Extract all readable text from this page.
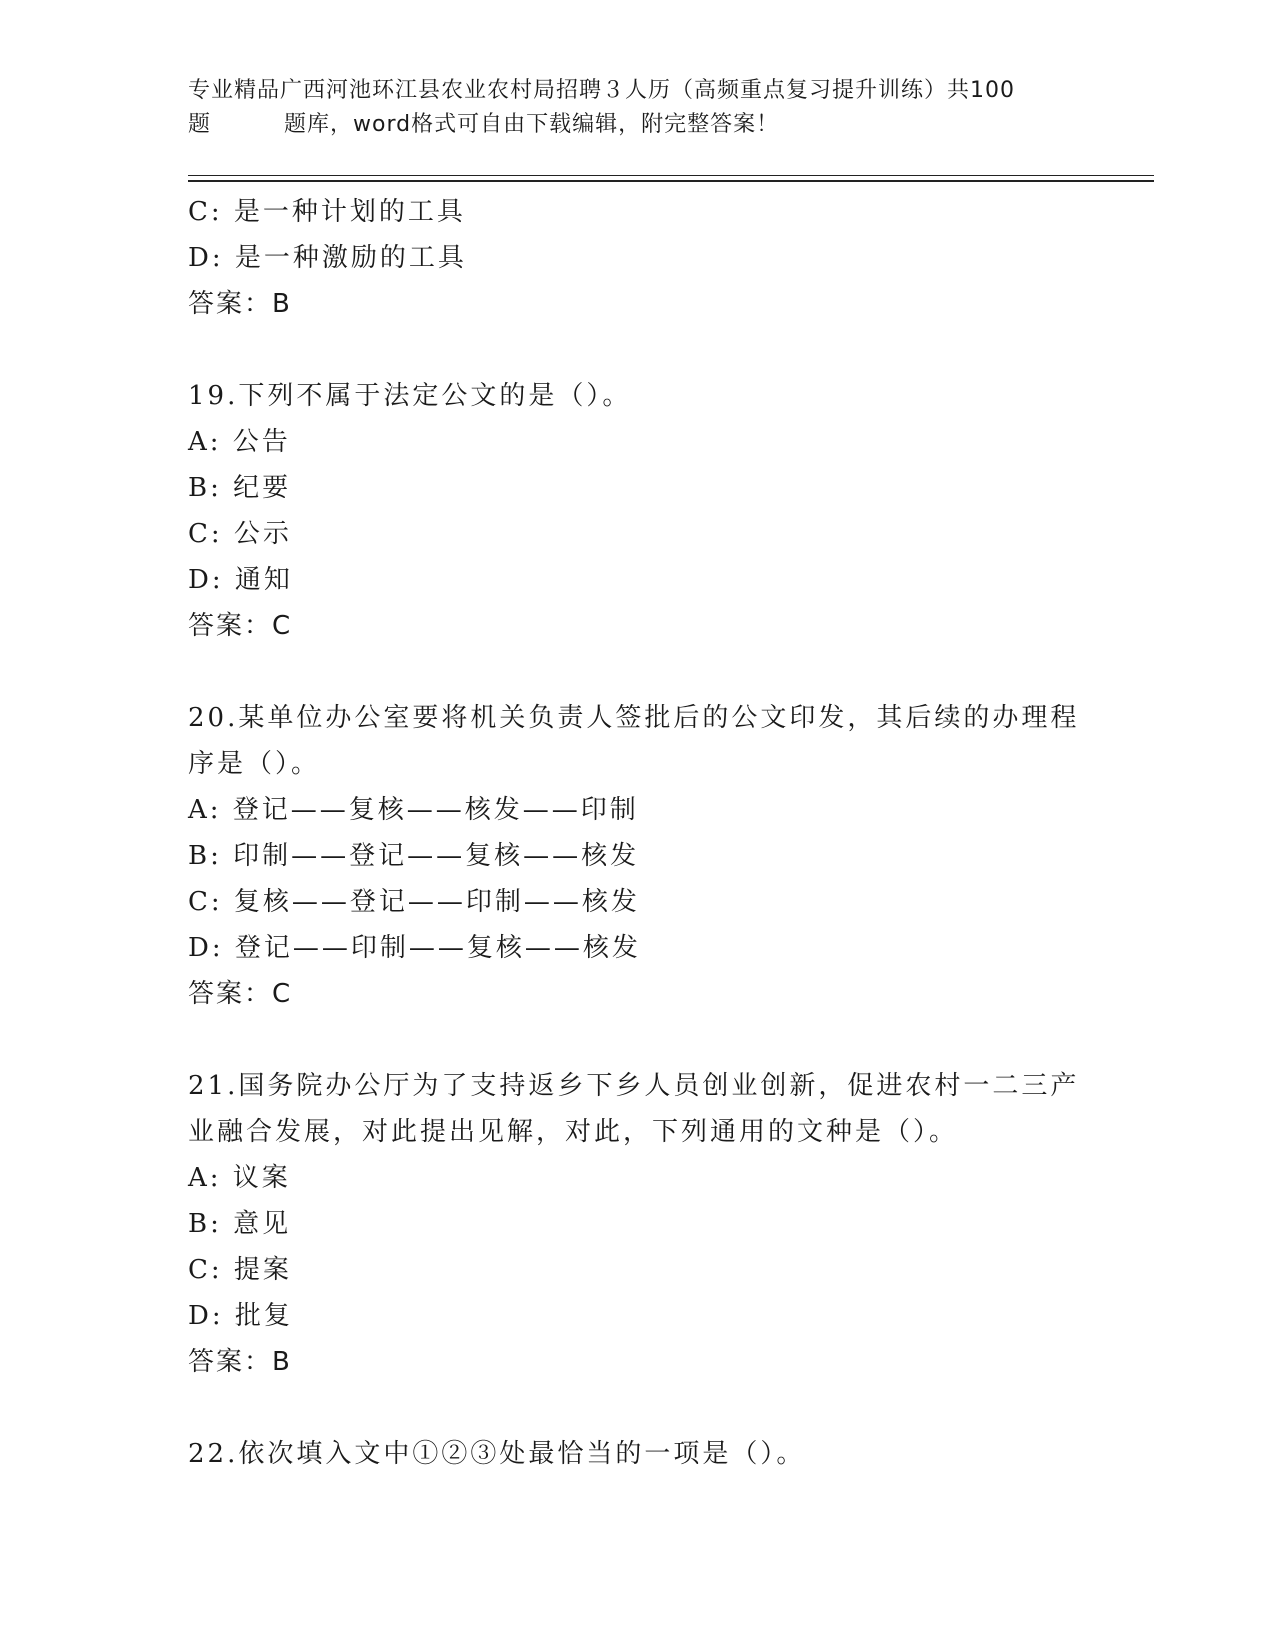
专业精品广西河池环江县农业农村局招聘３人历（高频重点复习提升训练）共100
题	题库，word格式可自由下载编辑，附完整答案！
C: 是一种计划的工具
D: 是一种激励的工具
答案：B
19.下列不属于法定公文的是（）。
A: 公告
B: 纪要
C: 公示
D: 通知
答案：C
20.某单位办公室要将机关负责人签批后的公文印发，其后续的办理程
序是（）。
A: 登记——复核——核发——印制
B: 印制——登记——复核——核发
C: 复核——登记——印制——核发
D: 登记——印制——复核——核发
答案：C
21.国务院办公厅为了支持返乡下乡人员创业创新，促进农村一二三产
业融合发展，对此提出见解，对此，下列通用的文种是（）。
A: 议案
B: 意见
C: 提案
D: 批复
答案：B
22.依次填入文中①②③处最恰当的一项是（）。
